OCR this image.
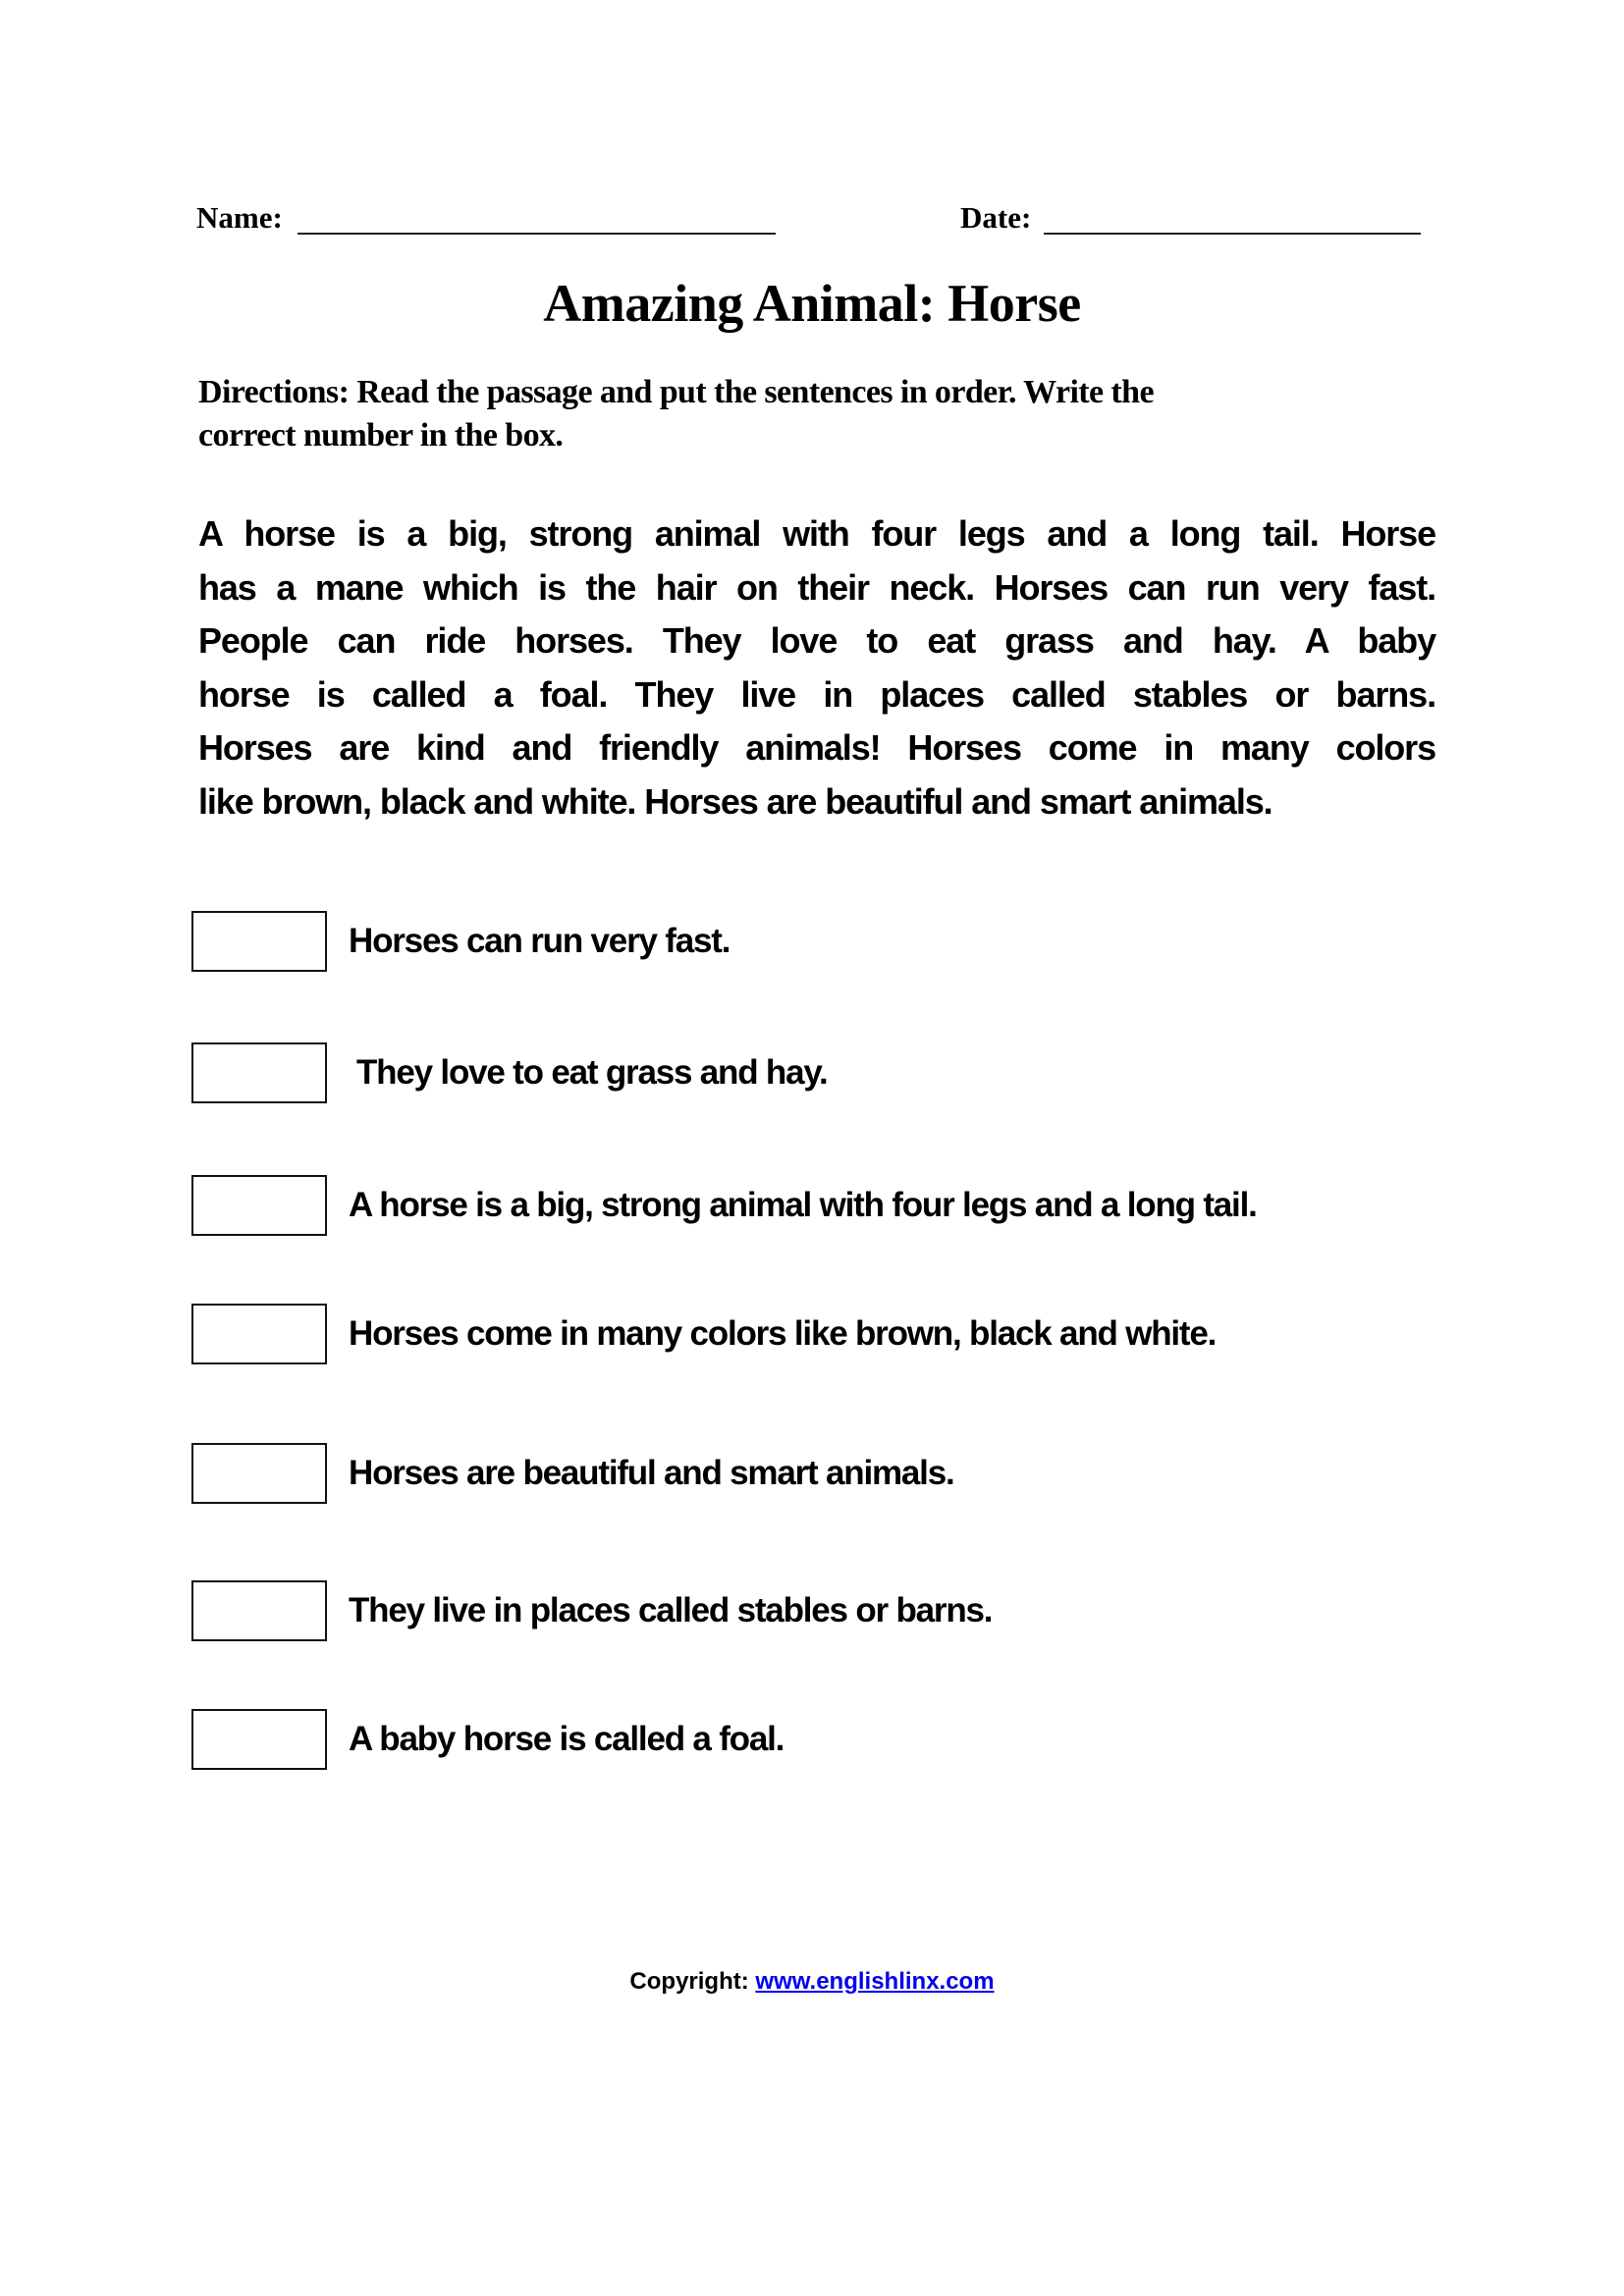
Name:	Date:
Amazing Animal: Horse
Directions: Read the passage and put the sentences in order. Write the
correct number in the box.
A horse is a big, strong animal with four legs and a long tail. Horse
has a mane which is the hair on their neck. Horses can run very fast.
People can ride horses. They love to eat grass and hay. A baby
horse is called a foal. They live in places called stables or barns.
Horses are kind and friendly animals! Horses come in many colors
like brown, black and white. Horses are beautiful and smart animals.
Horses can run very fast.
They love to eat grass and hay.
A horse is a big, strong animal with four legs and a long tail.
Horses come in many colors like brown, black and white.
Horses are beautiful and smart animals.
They live in places called stables or barns.
A baby horse is called a foal.
Copyright: www.englishlinx.com
